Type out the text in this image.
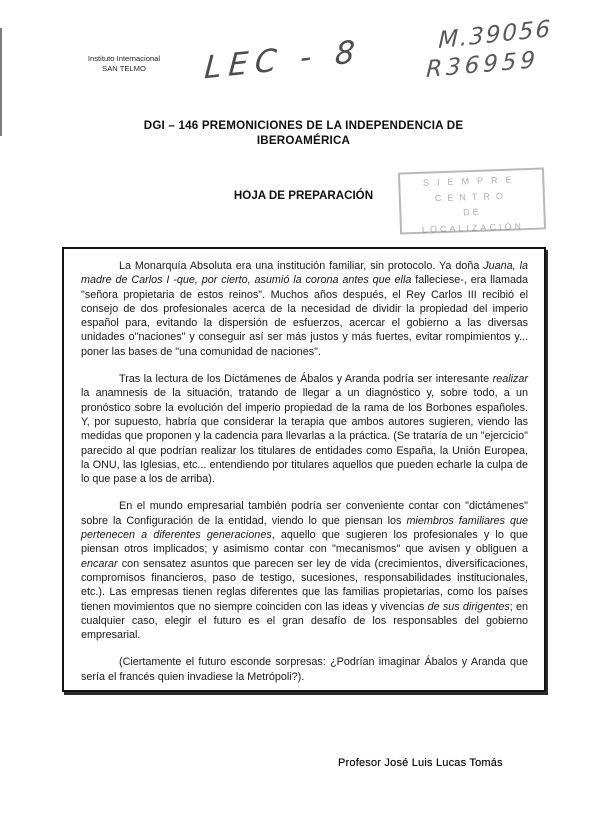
Instituto Internacional
SAN TELMO	LEC - 8	M.39056
R36959
DGI – 146 PREMONICIONES DE LA INDEPENDENCIA DE
IBEROAMÉRICA
HOJA DE PREPARACIÓN
SIEMPRE
CENTRO
DE
LOCALIZACIÓN

La Monarquía Absoluta era una institución familiar, sin protocolo. Ya doña Juana, la madre de Carlos I -que, por cierto, asumió la corona antes que ella falleciese-, era llamada "señora propietaria de estos reinos". Muchos años después, el Rey Carlos III recibió el consejo de dos profesionales acerca de la necesidad de dividir la propiedad del imperio español para, evitando la dispersión de esfuerzos, acercar el gobierno a las diversas unidades o"naciones" y conseguir así ser más justos y más fuertes, evitar rompimientos y... poner las bases de "una comunidad de naciones".

Tras la lectura de los Dictámenes de Ábalos y Aranda podría ser interesante realizar la anamnesis de la situación, tratando de llegar a un diagnóstico y, sobre todo, a un pronóstico sobre la evolución del imperio propiedad de la rama de los Borbones españoles. Y, por supuesto, habría que considerar la terapia que ambos autores sugieren, viendo las medidas que proponen y la cadencia para llevarlas a la práctica. (Se trataría de un "ejercicio" parecido al que podrían realizar los titulares de entidades como España, la Unión Europea, la ONU, las Iglesias, etc... entendiendo por titulares aquellos que pueden echarle la culpa de lo que pase a los de arriba).

En el mundo empresarial también podría ser conveniente contar con "dictámenes" sobre la Configuración de la entidad, viendo lo que piensan los miembros familiares que pertenecen a diferentes generaciones, aquello que sugieren los profesionales y lo que piensan otros implicados; y asimismo contar con "mecanismos" que avisen y obliguen a encarar con sensatez asuntos que parecen ser ley de vida (crecimientos, diversificaciones, compromisos financieros, paso de testigo, sucesiones, responsabilidades institucionales, etc.). Las empresas tienen reglas diferentes que las familias propietarias, como los países tienen movimientos que no siempre coinciden con las ideas y vivencias de sus dirigentes; en cualquier caso, elegir el futuro es el gran desafío de los responsables del gobierno empresarial.

(Ciertamente el futuro esconde sorpresas: ¿Podrían imaginar Ábalos y Aranda que sería el francés quien invadiese la Metrópoli?).

Profesor José Luis Lucas Tomás
